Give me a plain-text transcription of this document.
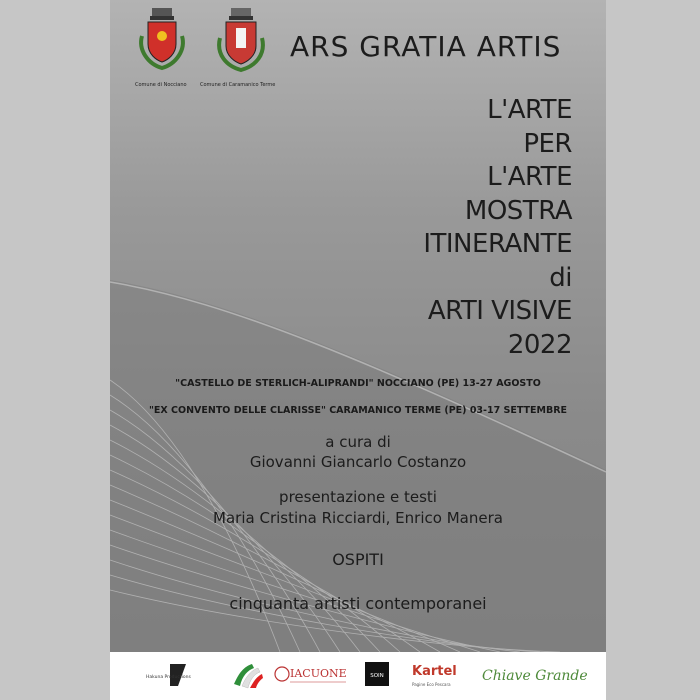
Comune di Nocciano	Comune di Caramanico Terme
ARS GRATIA ARTIS
L'ARTE
PER
L'ARTE
MOSTRA
ITINERANTE
di
ARTI VISIVE
2022
"CASTELLO DE STERLICH-ALIPRANDI" NOCCIANO (PE) 13-27 AGOSTO
"EX CONVENTO DELLE CLARISSE" CARAMANICO TERME (PE) 03-17 SETTEMBRE
a cura di
Giovanni Giancarlo Costanzo
presentazione e testi
Maria Cristina Ricciardi, Enrico Manera
OSPITI
cinquanta artisti contemporanei
Hakuna Productions	IACUONE	SOIN Kartel
Pagine Eco Pescara
Chiave Grande
